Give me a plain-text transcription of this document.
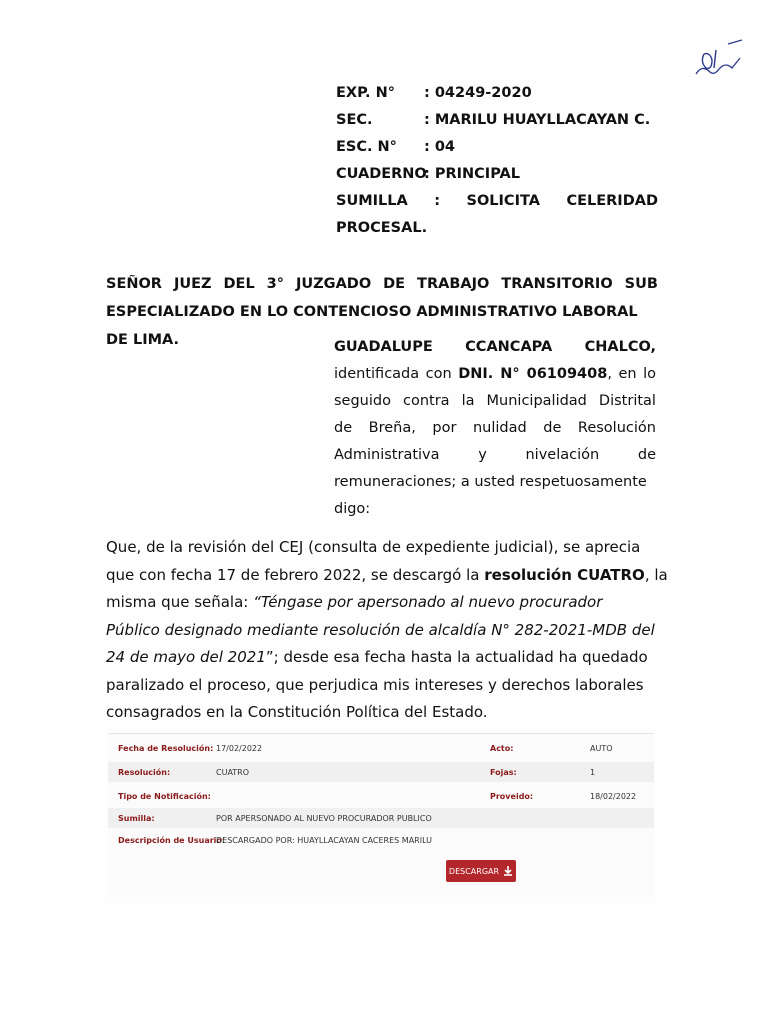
EXP. N° : 04249-2020
SEC.	: MARILU HUAYLLACAYAN C.
ESC. N° : 04
CUADERNO
: PRINCIPAL
SUMILLA : SOLICITA CELERIDAD
PROCESAL.
SEÑOR JUEZ DEL 3° JUZGADO DE TRABAJO TRANSITORIO SUB
ESPECIALIZADO EN LO CONTENCIOSO ADMINISTRATIVO LABORAL DE LIMA.	GUADALUPE CCANCAPA CHALCO,
identificada con DNI. N° 06109408, en lo
seguido contra la Municipalidad Distrital
de Breña, por nulidad de Resolución
Administrativa	y	nivelación	de
remuneraciones; a usted respetuosamente
digo:
Que, de la revisión del CEJ (consulta de expediente judicial), se aprecia
que con fecha 17 de febrero 2022, se descargó la resolución CUATRO, la
misma que señala: “Téngase por apersonado al nuevo procurador
Público designado mediante resolución de alcaldía N° 282-2021-MDB del
24 de mayo del 2021”; desde esa fecha hasta la actualidad ha quedado
paralizado el proceso, que perjudica mis intereses y derechos laborales
consagrados en la Constitución Política del Estado.
Fecha de Resolución: 17/02/2022	Acto:	AUTO
Resolución:	CUATRO	Fojas:	1
Tipo de Notificación:	Proveido:	18/02/2022
Sumilla:	POR APERSONADO AL NUEVO PROCURADOR PUBLICO
Descripción de Usuario:
DESCARGADO POR: HUAYLLACAYAN CACERES MARILU
DESCARGAR
